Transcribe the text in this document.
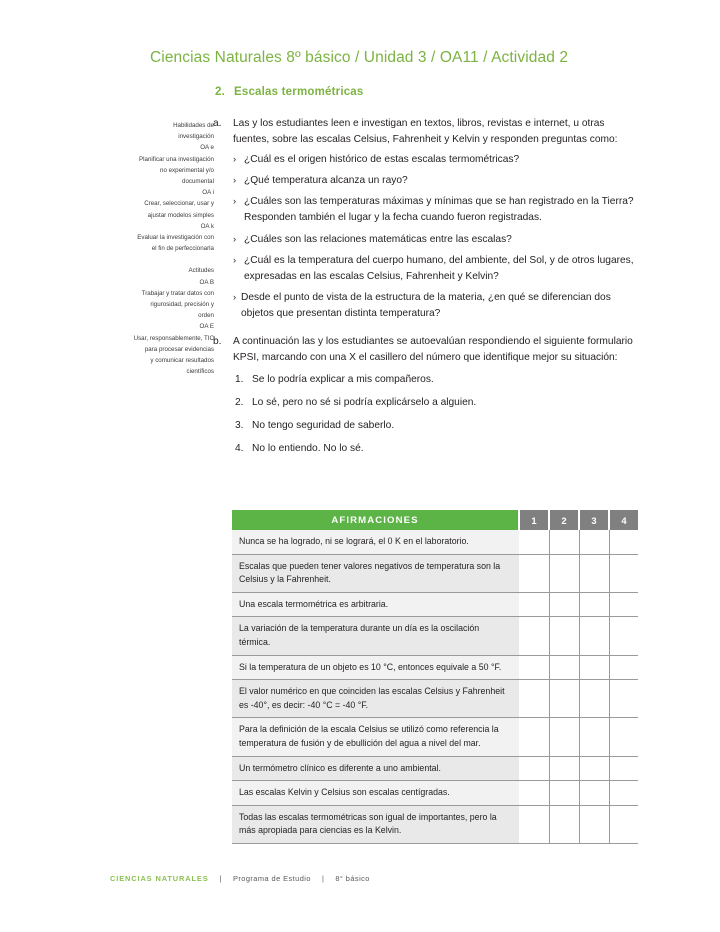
Ciencias Naturales 8º básico / Unidad 3 / OA11 / Actividad 2
2. Escalas termométricas
Habilidades de
investigación
OA e
Planificar una investigación
no experimental y/o
documental
OA i
Crear, seleccionar, usar y
ajustar modelos simples
OA k
Evaluar la investigación con
el fin de perfeccionarla
Actitudes
OA B
Trabajar y tratar datos con
rigurosidad, precisión y
orden
OA E
Usar, responsablemente, TIC
para procesar evidencias
y comunicar resultados
científicos
a.	Las y los estudiantes leen e investigan en textos, libros, revistas e internet, u otras fuentes, sobre las escalas Celsius, Fahrenheit y Kelvin y responden preguntas como:
› ¿Cuál es el origen histórico de estas escalas termométricas?
› ¿Qué temperatura alcanza un rayo?
› ¿Cuáles son las temperaturas máximas y mínimas que se han registrado en la Tierra? Responden también el lugar y la fecha cuando fueron registradas.
› ¿Cuáles son las relaciones matemáticas entre las escalas?
› ¿Cuál es la temperatura del cuerpo humano, del ambiente, del Sol, y de otros lugares, expresadas en las escalas Celsius, Fahrenheit y Kelvin?
› Desde el punto de vista de la estructura de la materia, ¿en qué se diferencian dos objetos que presentan distinta temperatura?
b.	A continuación las y los estudiantes se autoevalúan respondiendo el siguiente formulario KPSI, marcando con una X el casillero del número que identifique mejor su situación:
1. Se lo podría explicar a mis compañeros.
2. Lo sé, pero no sé si podría explicárselo a alguien.
3. No tengo seguridad de saberlo.
4. No lo entiendo. No lo sé.
AFIRMACIONES	1	2	3	4
Nunca se ha logrado, ni se logrará, el 0 K en el laboratorio.				
Escalas que pueden tener valores negativos de temperatura son la Celsius y la Fahrenheit.				
Una escala termométrica es arbitraria.				
La variación de la temperatura durante un día es la oscilación térmica.				
Si la temperatura de un objeto es 10 °C, entonces equivale a 50 °F.				
El valor numérico en que coinciden las escalas Celsius y Fahrenheit es -40°, es decir: -40 °C = -40 °F.				
Para la definición de la escala Celsius se utilizó como referencia la temperatura de fusión y de ebullición del agua a nivel del mar.				
Un termómetro clínico es diferente a uno ambiental.				
Las escalas Kelvin y Celsius son escalas centígradas.				
Todas las escalas termométricas son igual de importantes, pero la más apropiada para ciencias es la Kelvin.				
CIENCIAS NATURALES | Programa de Estudio | 8° básico
